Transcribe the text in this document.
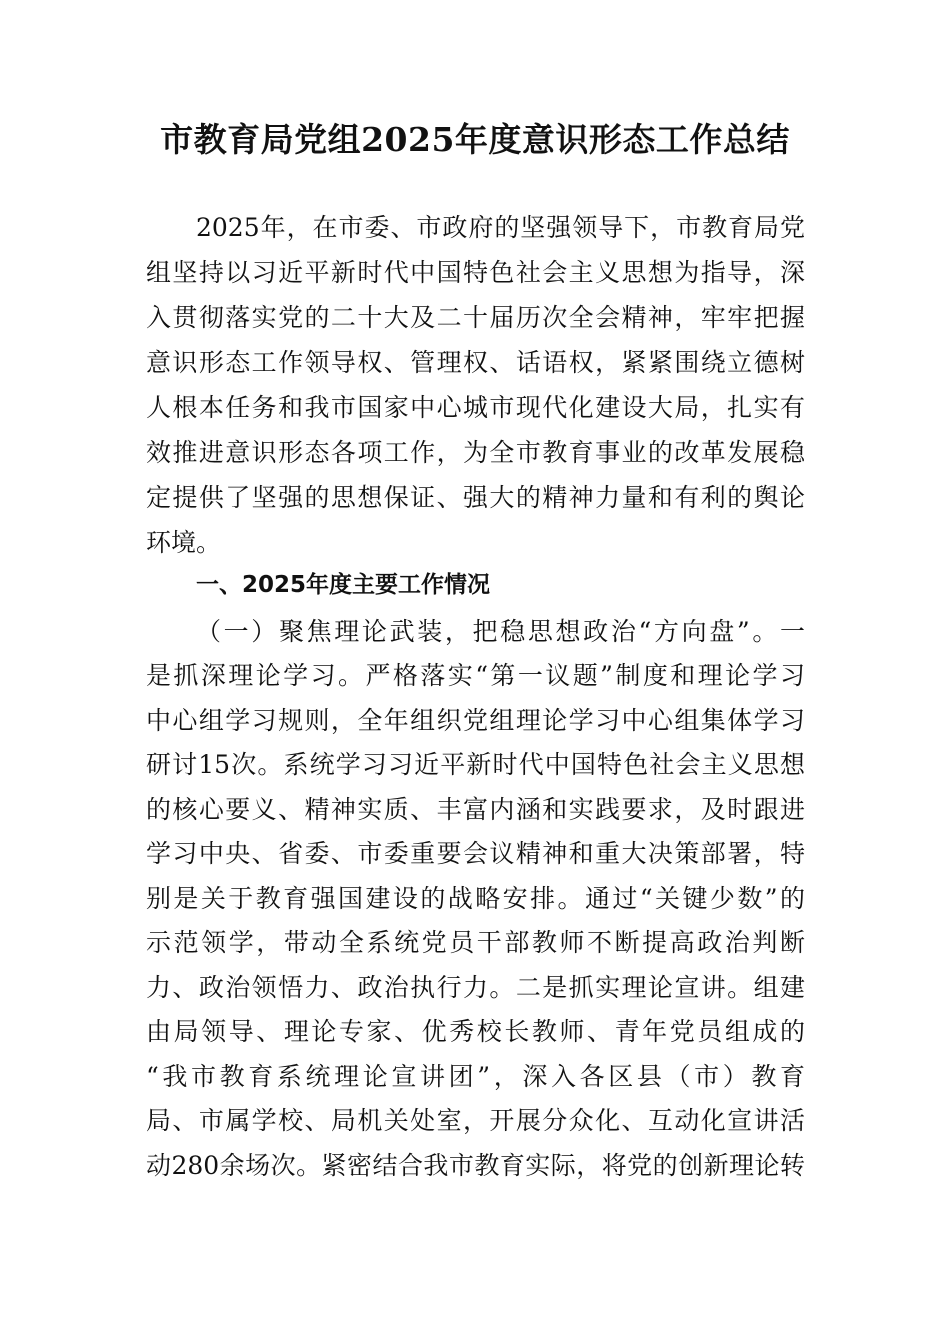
市教育局党组2025年度意识形态工作总结
2025年，在市委、市政府的坚强领导下，市教育局党
组坚持以习近平新时代中国特色社会主义思想为指导，深
入贯彻落实党的二十大及二十届历次全会精神，牢牢把握
意识形态工作领导权、管理权、话语权，紧紧围绕立德树
人根本任务和我市国家中心城市现代化建设大局，扎实有
效推进意识形态各项工作，为全市教育事业的改革发展稳
定提供了坚强的思想保证、强大的精神力量和有利的舆论
环境。
一、2025年度主要工作情况
（一）聚焦理论武装，把稳思想政治“方向盘”。一
是抓深理论学习。严格落实“第一议题”制度和理论学习
中心组学习规则，全年组织党组理论学习中心组集体学习
研讨15次。系统学习习近平新时代中国特色社会主义思想
的核心要义、精神实质、丰富内涵和实践要求，及时跟进
学习中央、省委、市委重要会议精神和重大决策部署，特
别是关于教育强国建设的战略安排。通过“关键少数”的
示范领学，带动全系统党员干部教师不断提高政治判断
力、政治领悟力、政治执行力。二是抓实理论宣讲。组建
由局领导、理论专家、优秀校长教师、青年党员组成的
“我市教育系统理论宣讲团”，深入各区县（市）教育
局、市属学校、局机关处室，开展分众化、互动化宣讲活
动280余场次。紧密结合我市教育实际，将党的创新理论转
